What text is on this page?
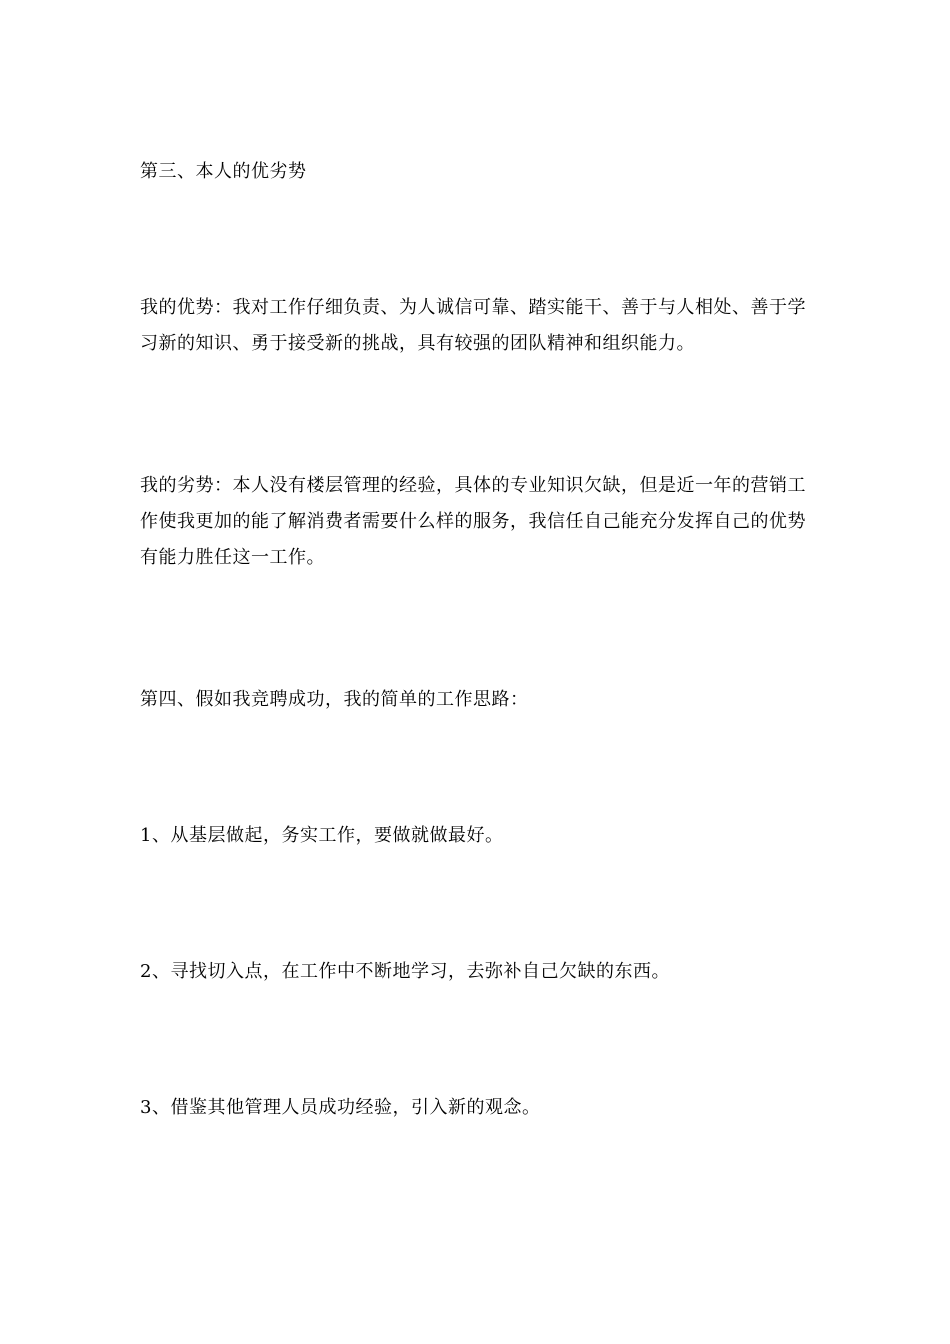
第三、本人的优劣势

我的优势：我对工作仔细负责、为人诚信可靠、踏实能干、善于与人相处、善于学习新的知识、勇于接受新的挑战，具有较强的团队精神和组织能力。

我的劣势：本人没有楼层管理的经验，具体的专业知识欠缺，但是近一年的营销工作使我更加的能了解消费者需要什么样的服务，我信任自己能充分发挥自己的优势有能力胜任这一工作。

第四、假如我竞聘成功，我的简单的工作思路：

1、从基层做起，务实工作，要做就做最好。

2、寻找切入点，在工作中不断地学习，去弥补自己欠缺的东西。

3、借鉴其他管理人员成功经验，引入新的观念。
